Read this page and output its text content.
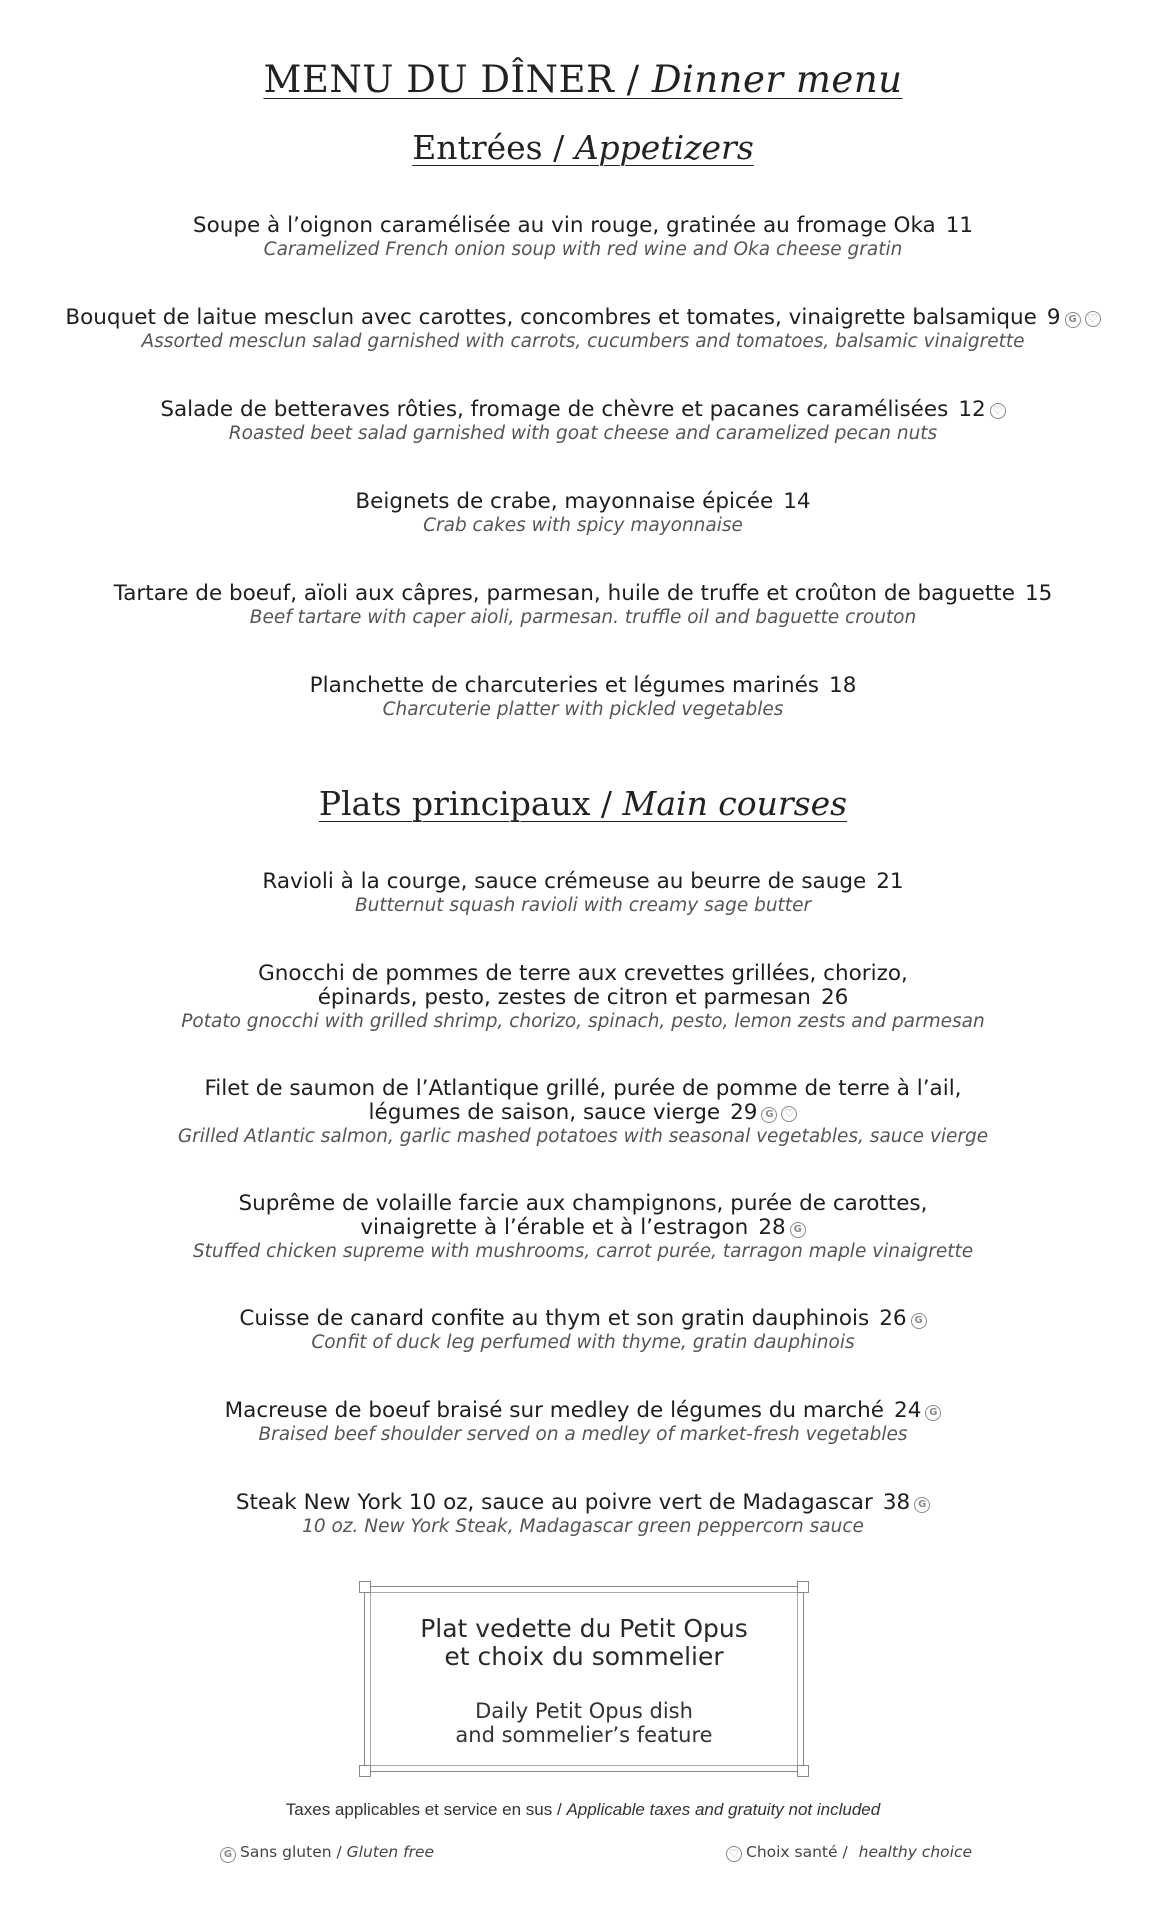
MENU DU DÎNER / Dinner menu
Entrées / Appetizers
Soupe à l’oignon caramélisée au vin rouge, gratinée au fromage Oka 11
Caramelized French onion soup with red wine and Oka cheese gratin
Bouquet de laitue mesclun avec carottes, concombres et tomates, vinaigrette balsamique 9 G ♡
Assorted mesclun salad garnished with carrots, cucumbers and tomatoes, balsamic vinaigrette
Salade de betteraves rôties, fromage de chèvre et pacanes caramélisées 12 ♡
Roasted beet salad garnished with goat cheese and caramelized pecan nuts
Beignets de crabe, mayonnaise épicée 14
Crab cakes with spicy mayonnaise
Tartare de boeuf, aïoli aux câpres, parmesan, huile de truffe et croûton de baguette 15
Beef tartare with caper aioli, parmesan. truffle oil and baguette crouton
Planchette de charcuteries et légumes marinés 18
Charcuterie platter with pickled vegetables
Plats principaux / Main courses
Ravioli à la courge, sauce crémeuse au beurre de sauge 21
Butternut squash ravioli with creamy sage butter
Gnocchi de pommes de terre aux crevettes grillées, chorizo,
épinards, pesto, zestes de citron et parmesan 26
Potato gnocchi with grilled shrimp, chorizo, spinach, pesto, lemon zests and parmesan
Filet de saumon de l’Atlantique grillé, purée de pomme de terre à l’ail,
légumes de saison, sauce vierge 29 G ♡
Grilled Atlantic salmon, garlic mashed potatoes with seasonal vegetables, sauce vierge
Suprême de volaille farcie aux champignons, purée de carottes,
vinaigrette à l’érable et à l’estragon 28 G
Stuffed chicken supreme with mushrooms, carrot purée, tarragon maple vinaigrette
Cuisse de canard confite au thym et son gratin dauphinois 26 G
Confit of duck leg perfumed with thyme, gratin dauphinois
Macreuse de boeuf braisé sur medley de légumes du marché 24 G
Braised beef shoulder served on a medley of market-fresh vegetables
Steak New York 10 oz, sauce au poivre vert de Madagascar 38 G
10 oz. New York Steak, Madagascar green peppercorn sauce
Plat vedette du Petit Opus
et choix du sommelier
Daily Petit Opus dish
and sommelier’s feature
Taxes applicables et service en sus / Applicable taxes and gratuity not included
G Sans gluten / Gluten free	♡ Choix santé / healthy choice
